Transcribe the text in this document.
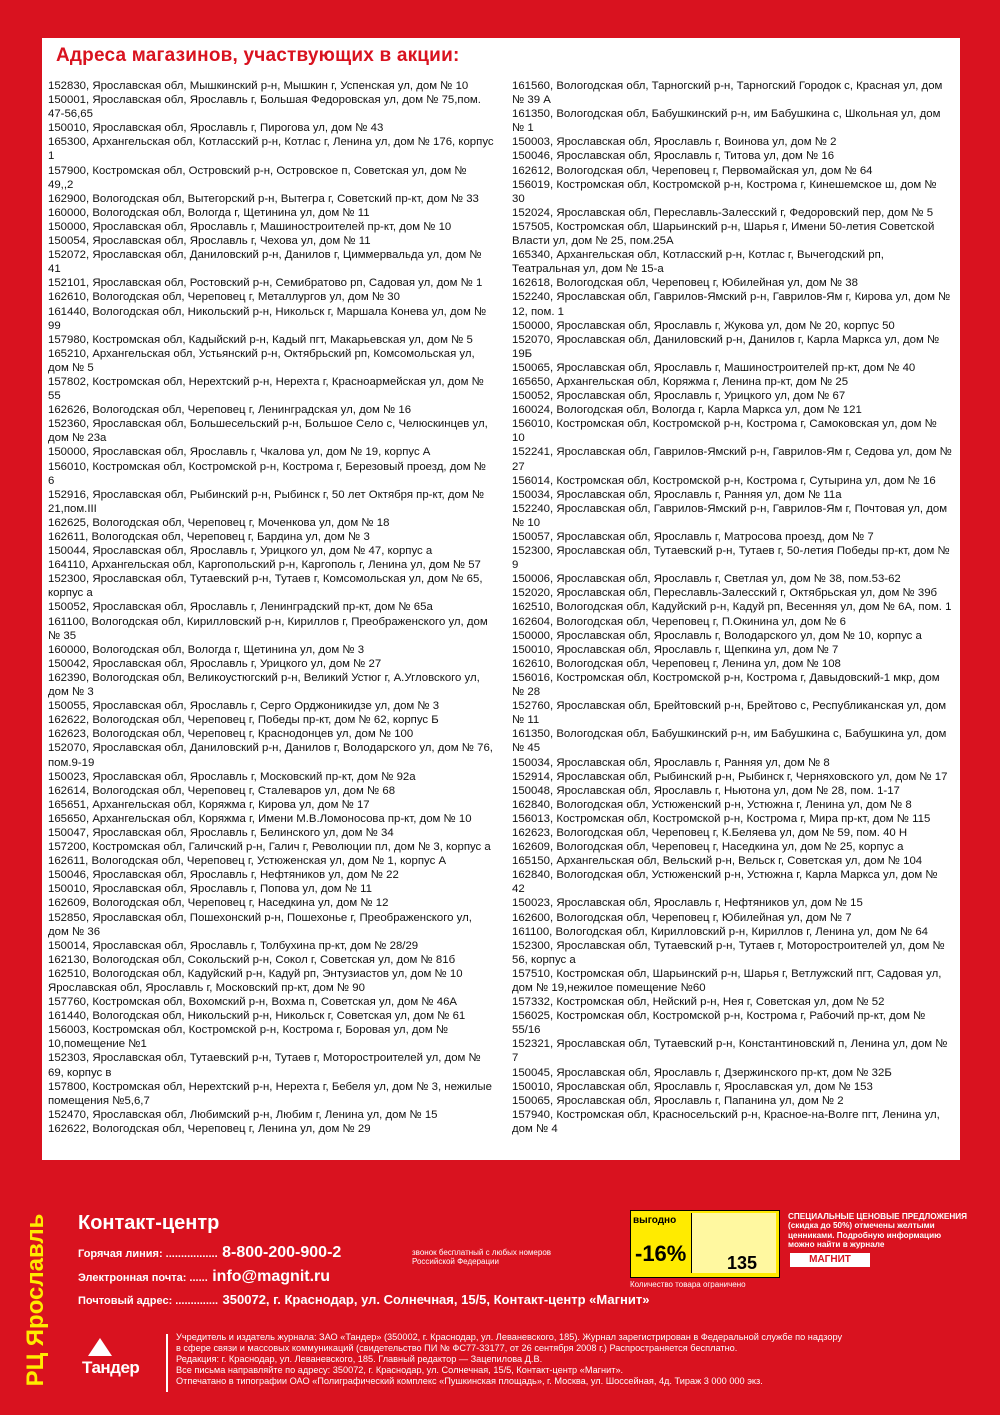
Адреса магазинов, участвующих в акции:
152830, Ярославская обл, Мышкинский р-н, Мышкин г, Успенская ул, дом № 10
150001, Ярославская обл, Ярославль г, Большая Федоровская ул, дом № 75,пом. 47-56,65
150010, Ярославская обл, Ярославль г, Пирогова ул, дом № 43
165300, Архангельская обл, Котласский р-н, Котлас г, Ленина ул, дом № 176, корпус 1
157900, Костромская обл, Островский р-н, Островское п, Советская ул, дом № 49,,2
162900, Вологодская обл, Вытегорский р-н, Вытегра г, Советский пр-кт, дом № 33
160000, Вологодская обл, Вологда г, Щетинина ул, дом № 11
150000, Ярославская обл, Ярославль г, Машиностроителей пр-кт, дом № 10
150054, Ярославская обл, Ярославль г, Чехова ул, дом № 11
152072, Ярославская обл, Даниловский р-н, Данилов г, Циммервальда ул, дом № 41
152101, Ярославская обл, Ростовский р-н, Семибратово рп, Садовая ул, дом № 1
162610, Вологодская обл, Череповец г, Металлургов ул, дом № 30
161440, Вологодская обл, Никольский р-н, Никольск г, Маршала Конева ул, дом № 99
157980, Костромская обл, Кадыйский р-н, Кадый пгт, Макарьевская ул, дом № 5
165210, Архангельская обл, Устьянский р-н, Октябрьский рп, Комсомольская ул, дом № 5
157802, Костромская обл, Нерехтский р-н, Нерехта г, Красноармейская ул, дом № 55
162626, Вологодская обл, Череповец г, Ленинградская ул, дом № 16
152360, Ярославская обл, Большесельский р-н, Большое Село с, Челюскинцев ул, дом № 23а
150000, Ярославская обл, Ярославль г, Чкалова ул, дом № 19, корпус А
156010, Костромская обл, Костромской р-н, Кострома г, Березовый проезд, дом № 6
152916, Ярославская обл, Рыбинский р-н, Рыбинск г, 50 лет Октября пр-кт, дом № 21,пом.III
162625, Вологодская обл, Череповец г, Моченкова ул, дом № 18
162611, Вологодская обл, Череповец г, Бардина ул, дом № 3
150044, Ярославская обл, Ярославль г, Урицкого ул, дом № 47, корпус а
164110, Архангельская обл, Каргопольский р-н, Каргополь г, Ленина ул, дом № 57
152300, Ярославская обл, Тутаевский р-н, Тутаев г, Комсомольская ул, дом № 65, корпус а
150052, Ярославская обл, Ярославль г, Ленинградский пр-кт, дом № 65а
161100, Вологодская обл, Кирилловский р-н, Кириллов г, Преображенского ул, дом № 35
160000, Вологодская обл, Вологда г, Щетинина ул, дом № 3
150042, Ярославская обл, Ярославль г, Урицкого ул, дом № 27
162390, Вологодская обл, Великоустюгский р-н, Великий Устюг г, А.Угловского ул, дом № 3
150055, Ярославская обл, Ярославль г, Серго Орджоникидзе ул, дом № 3
162622, Вологодская обл, Череповец г, Победы пр-кт, дом № 62, корпус Б
162623, Вологодская обл, Череповец г, Краснодонцев ул, дом № 100
152070, Ярославская обл, Даниловский р-н, Данилов г, Володарского ул, дом № 76, пом.9-19
150023, Ярославская обл, Ярославль г, Московский пр-кт, дом № 92а
162614, Вологодская обл, Череповец г, Сталеваров ул, дом № 68
165651, Архангельская обл, Коряжма г, Кирова ул, дом № 17
165650, Архангельская обл, Коряжма г, Имени М.В.Ломоносова пр-кт, дом № 10
150047, Ярославская обл, Ярославль г, Белинского ул, дом № 34
157200, Костромская обл, Галичский р-н, Галич г, Революции пл, дом № 3, корпус а
162611, Вологодская обл, Череповец г, Устюженская ул, дом № 1, корпус А
150046, Ярославская обл, Ярославль г, Нефтяников ул, дом № 22
150010, Ярославская обл, Ярославль г, Попова ул, дом № 11
162609, Вологодская обл, Череповец г, Наседкина ул, дом № 12
152850, Ярославская обл, Пошехонский р-н, Пошехонье г, Преображенского ул, дом № 36
150014, Ярославская обл, Ярославль г, Толбухина пр-кт, дом № 28/29
162130, Вологодская обл, Сокольский р-н, Сокол г, Советская ул, дом № 81б
162510, Вологодская обл, Кадуйский р-н, Кадуй рп, Энтузиастов ул, дом № 10
Ярославская обл, Ярославль г, Московский пр-кт, дом № 90
157760, Костромская обл, Вохомский р-н, Вохма п, Советская ул, дом № 46А
161440, Вологодская обл, Никольский р-н, Никольск г, Советская ул, дом № 61
156003, Костромская обл, Костромской р-н, Кострома г, Боровая ул, дом № 10,помещение №1
152303, Ярославская обл, Тутаевский р-н, Тутаев г, Моторостроителей ул, дом № 69, корпус в
157800, Костромская обл, Нерехтский р-н, Нерехта г, Бебеля ул, дом № 3, нежилые помещения №5,6,7
152470, Ярославская обл, Любимский р-н, Любим г, Ленина ул, дом № 15
162622, Вологодская обл, Череповец г, Ленина ул, дом № 29
161560, Вологодская обл, Тарногский р-н, Тарногский Городок с, Красная ул, дом № 39 А
161350, Вологодская обл, Бабушкинский р-н, им Бабушкина с, Школьная ул, дом № 1
150003, Ярославская обл, Ярославль г, Воинова ул, дом № 2
150046, Ярославская обл, Ярославль г, Титова ул, дом № 16
162612, Вологодская обл, Череповец г, Первомайская ул, дом № 64
156019, Костромская обл, Костромской р-н, Кострома г, Кинешемское ш, дом № 30
152024, Ярославская обл, Переславль-Залесский г, Федоровский пер, дом № 5
157505, Костромская обл, Шарьинский р-н, Шарья г, Имени 50-летия Советской Власти ул, дом № 25, пом.25А
165340, Архангельская обл, Котласский р-н, Котлас г, Вычегодский рп, Театральная ул, дом № 15-а
162618, Вологодская обл, Череповец г, Юбилейная ул, дом № 38
152240, Ярославская обл, Гаврилов-Ямский р-н, Гаврилов-Ям г, Кирова ул, дом № 12, пом. 1
150000, Ярославская обл, Ярославль г, Жукова ул, дом № 20, корпус 50
152070, Ярославская обл, Даниловский р-н, Данилов г, Карла Маркса ул, дом № 19Б
150065, Ярославская обл, Ярославль г, Машиностроителей пр-кт, дом № 40
165650, Архангельская обл, Коряжма г, Ленина пр-кт, дом № 25
150052, Ярославская обл, Ярославль г, Урицкого ул, дом № 67
160024, Вологодская обл, Вологда г, Карла Маркса ул, дом № 121
156010, Костромская обл, Костромской р-н, Кострома г, Самоковская ул, дом № 10
152241, Ярославская обл, Гаврилов-Ямский р-н, Гаврилов-Ям г, Седова ул, дом № 27
156014, Костромская обл, Костромской р-н, Кострома г, Сутырина ул, дом № 16
150034, Ярославская обл, Ярославль г, Ранняя ул, дом № 11а
152240, Ярославская обл, Гаврилов-Ямский р-н, Гаврилов-Ям г, Почтовая ул, дом № 10
150057, Ярославская обл, Ярославль г, Матросова проезд, дом № 7
152300, Ярославская обл, Тутаевский р-н, Тутаев г, 50-летия Победы пр-кт, дом № 9
150006, Ярославская обл, Ярославль г, Светлая ул, дом № 38, пом.53-62
152020, Ярославская обл, Переславль-Залесский г, Октябрьская ул, дом № 39б
162510, Вологодская обл, Кадуйский р-н, Кадуй рп, Весенняя ул, дом № 6А, пом. 1
162604, Вологодская обл, Череповец г, П.Окинина ул, дом № 6
150000, Ярославская обл, Ярославль г, Володарского ул, дом № 10, корпус а
150010, Ярославская обл, Ярославль г, Щепкина ул, дом № 7
162610, Вологодская обл, Череповец г, Ленина ул, дом № 108
156016, Костромская обл, Костромской р-н, Кострома г, Давыдовский-1 мкр, дом № 28
152760, Ярославская обл, Брейтовский р-н, Брейтово с, Республиканская ул, дом № 11
161350, Вологодская обл, Бабушкинский р-н, им Бабушкина с, Бабушкина ул, дом № 45
150034, Ярославская обл, Ярославль г, Ранняя ул, дом № 8
152914, Ярославская обл, Рыбинский р-н, Рыбинск г, Черняховского ул, дом № 17
150048, Ярославская обл, Ярославль г, Ньютона ул, дом № 28, пом. 1-17
162840, Вологодская обл, Устюженский р-н, Устюжна г, Ленина ул, дом № 8
156013, Костромская обл, Костромской р-н, Кострома г, Мира пр-кт, дом № 115
162623, Вологодская обл, Череповец г, К.Беляева ул, дом № 59, пом. 40 Н
162609, Вологодская обл, Череповец г, Наседкина ул, дом № 25, корпус а
165150, Архангельская обл, Вельский р-н, Вельск г, Советская ул, дом № 104
162840, Вологодская обл, Устюженский р-н, Устюжна г, Карла Маркса ул, дом № 42
150023, Ярославская обл, Ярославль г, Нефтяников ул, дом № 15
162600, Вологодская обл, Череповец г, Юбилейная ул, дом № 7
161100, Вологодская обл, Кирилловский р-н, Кириллов г, Ленина ул, дом № 64
152300, Ярославская обл, Тутаевский р-н, Тутаев г, Моторостроителей ул, дом № 56, корпус а
157510, Костромская обл, Шарьинский р-н, Шарья г, Ветлужский пгт, Садовая ул, дом № 19,нежилое помещение №60
157332, Костромская обл, Нейский р-н, Нея г, Советская ул, дом № 52
156025, Костромская обл, Костромской р-н, Кострома г, Рабочий пр-кт, дом № 55/16
152321, Ярославская обл, Тутаевский р-н, Константиновский п, Ленина ул, дом № 7
150045, Ярославская обл, Ярославль г, Дзержинского пр-кт, дом № 32Б
150010, Ярославская обл, Ярославль г, Ярославская ул, дом № 153
150065, Ярославская обл, Ярославль г, Папанина ул, дом № 2
157940, Костромская обл, Красносельский р-н, Красное-на-Волге пгт, Ленина ул, дом № 4
РЦ Ярославль Контакт-центр
Горячая линия: ................. 8-800-200-900-2	звонок бесплатный с любых номеров Российской Федерации
Электронная почта: ...... info@magnit.ru
Почтовый адрес: .............. 350072, г. Краснодар, ул. Солнечная, 15/5, Контакт-центр «Магнит»
выгодно
-16% 135
Количество товара ограничено
СПЕЦИАЛЬНЫЕ ЦЕНОВЫЕ ПРЕДЛОЖЕНИЯ (скидка до 50%) отмечены желтыми ценниками. Подробную информацию можно найти в журнале
МАГНИТ
Тандер
Учредитель и издатель журнала: ЗАО «Тандер» (350002, г. Краснодар, ул. Леваневского, 185). Журнал зарегистрирован в Федеральной службе по надзору
в сфере связи и массовых коммуникаций (свидетельство ПИ № ФС77-33177, от 26 сентября 2008 г.) Распространяется бесплатно.
Редакция: г. Краснодар, ул. Леваневского, 185. Главный редактор — Зацепилова Д.В.
Все письма направляйте по адресу: 350072, г. Краснодар, ул. Солнечная, 15/5, Контакт-центр «Магнит».
Отпечатано в типографии ОАО «Полиграфический комплекс «Пушкинская площадь», г. Москва, ул. Шоссейная, 4д. Тираж 3 000 000 экз.
